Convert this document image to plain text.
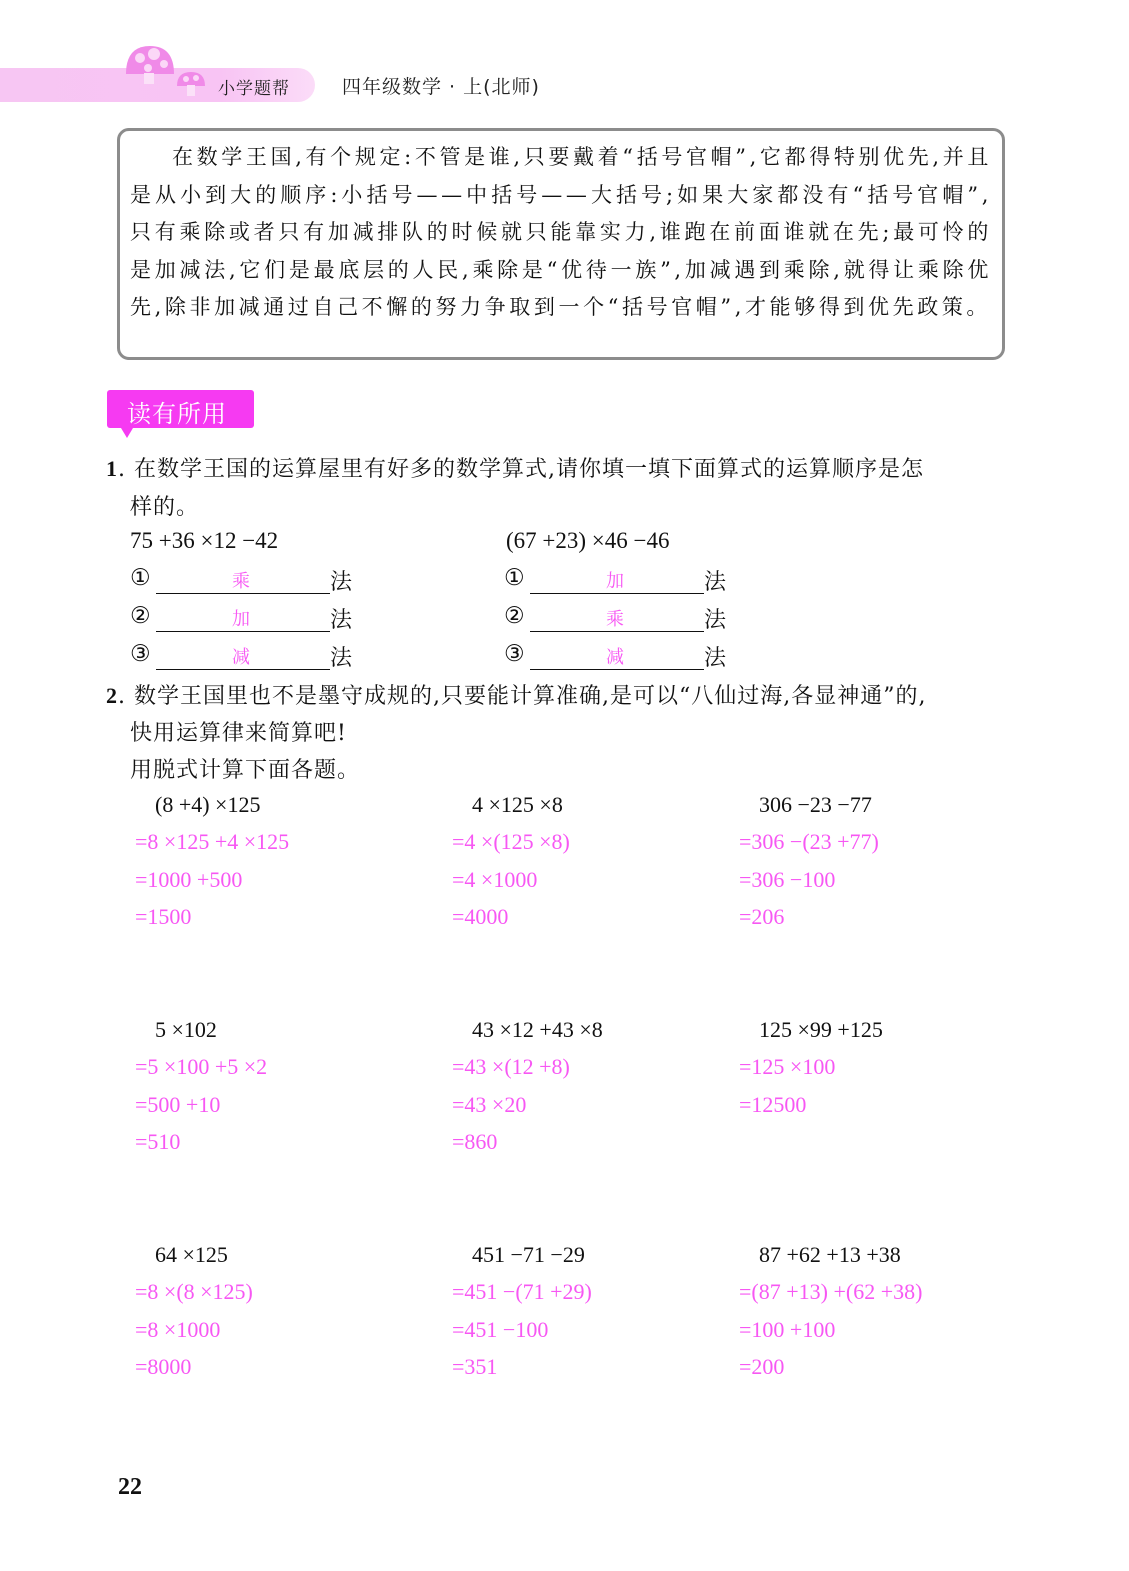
小学题帮	四年级数学 · 上(北师)

在数学王国,有个规定:不管是谁,只要戴着“括号官帽”,它都得特别优先,并且是从小到大的顺序:小括号——中括号——大括号;如果大家都没有“括号官帽”,只有乘除或者只有加减排队的时候就只能靠实力,谁跑在前面谁就在先;最可怜的是加减法,它们是最底层的人民,乘除是“优待一族”,加减遇到乘除,就得让乘除优先,除非加减通过自己不懈的努力争取到一个“括号官帽”,才能够得到优先政策。

读有所用
1. 在数学王国的运算屋里有好多的数学算式,请你填一填下面算式的运算顺序是怎
样的。
75 +36 ×12 −42	(67 +23) ×46 −46
①	乘	法
②	加	法
③	减	法
①	加	法
②	乘	法
③	减	法
2. 数学王国里也不是墨守成规的,只要能计算准确,是可以“八仙过海,各显神通”的,
快用运算律来简算吧!
用脱式计算下面各题。
(8 +4) ×125
=8 ×125 +4 ×125
=1000 +500
=1500
4 ×125 ×8
=4 ×(125 ×8)
=4 ×1000
=4000
306 −23 −77
=306 −(23 +77)
=306 −100
=206
5 ×102
=5 ×100 +5 ×2
=500 +10
=510
43 ×12 +43 ×8
=43 ×(12 +8)
=43 ×20
=860
125 ×99 +125
=125 ×100
=12500
64 ×125
=8 ×(8 ×125)
=8 ×1000
=8000
451 −71 −29
=451 −(71 +29)
=451 −100
=351
87 +62 +13 +38
=(87 +13) +(62 +38)
=100 +100
=200
22
